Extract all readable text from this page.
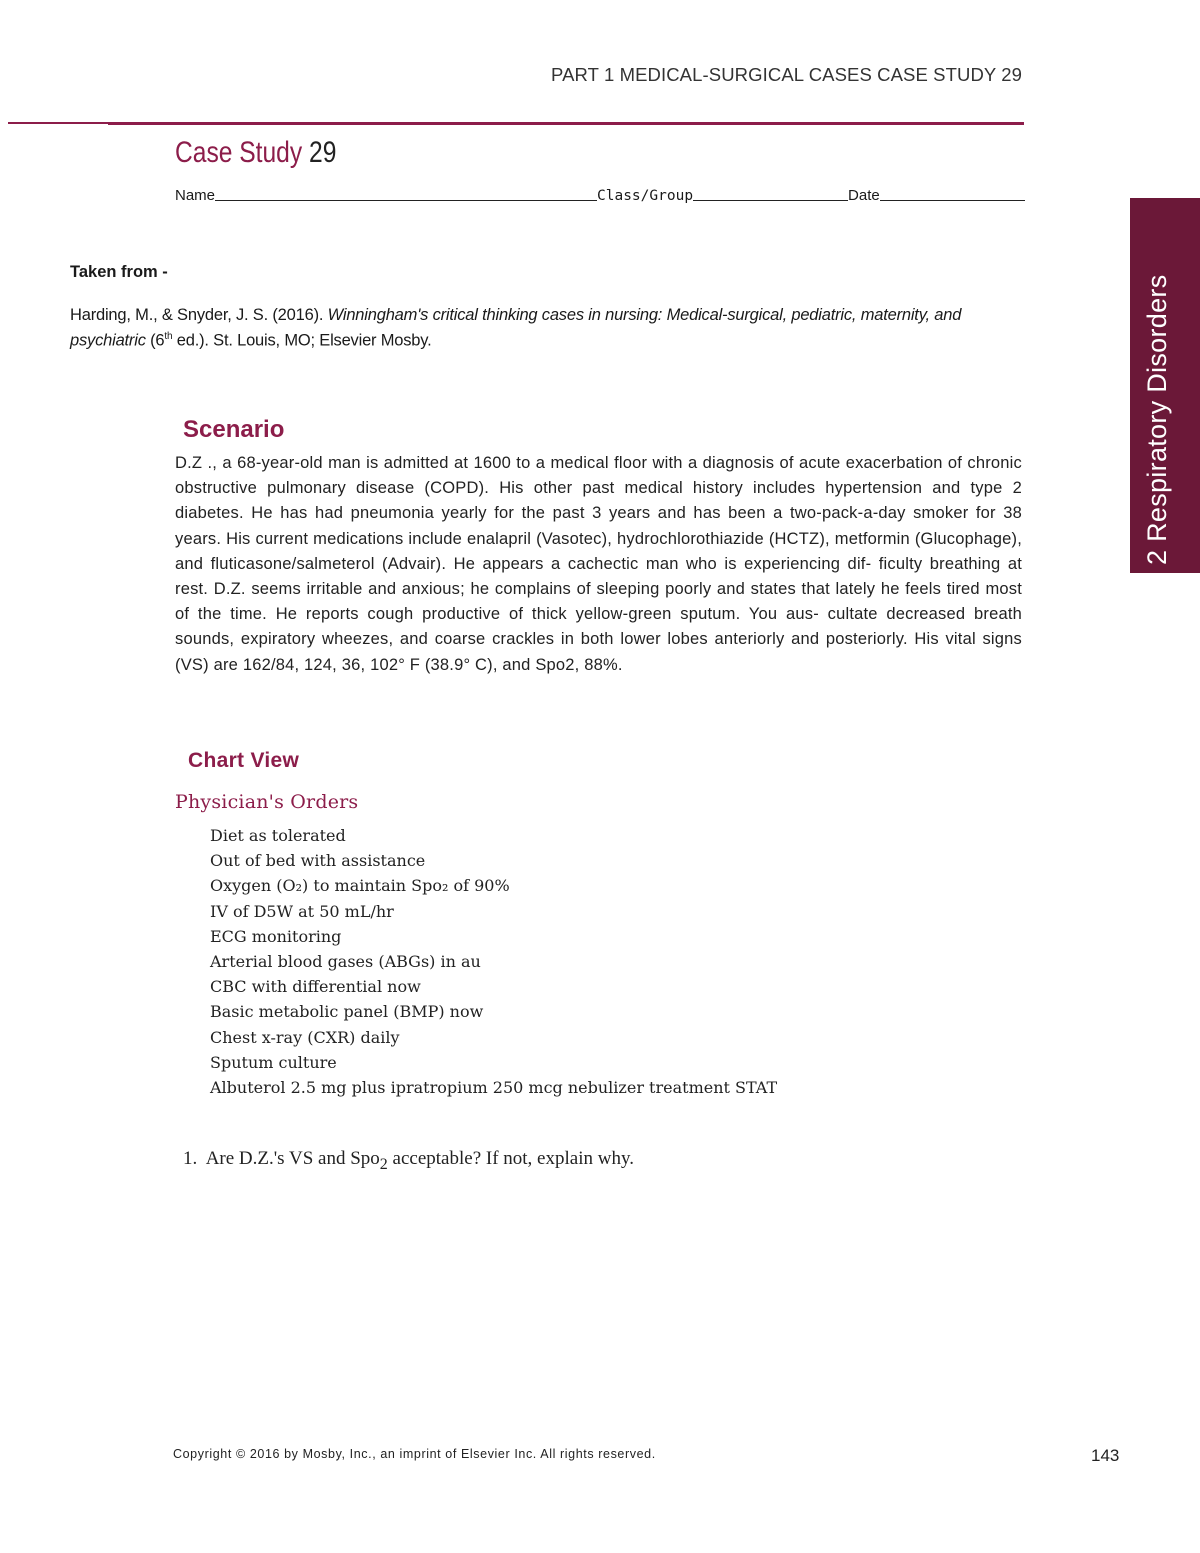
PART 1 MEDICAL-SURGICAL CASES CASE STUDY 29
Case Study 29
Name	Class/Group	Date
2 Respiratory Disorders
Taken from -
Harding, M., & Snyder, J. S. (2016). Winningham's critical thinking cases in nursing: Medical-surgical, pediatric, maternity, and psychiatric (6th ed.). St. Louis, MO; Elsevier Mosby.
Scenario
D.Z ., a 68-year-old man is admitted at 1600 to a medical floor with a diagnosis of acute exacerbation of chronic obstructive pulmonary disease (COPD). His other past medical history includes hypertension and type 2 diabetes. He has had pneumonia yearly for the past 3 years and has been a two-pack-a-day smoker for 38 years. His current medications include enalapril (Vasotec), hydrochlorothiazide (HCTZ), metformin (Glucophage), and fluticasone/salmeterol (Advair). He appears a cachectic man who is experiencing dif- ficulty breathing at rest. D.Z. seems irritable and anxious; he complains of sleeping poorly and states that lately he feels tired most of the time. He reports cough productive of thick yellow-green sputum. You aus- cultate decreased breath sounds, expiratory wheezes, and coarse crackles in both lower lobes anteriorly and posteriorly. His vital signs (VS) are 162/84, 124, 36, 102° F (38.9° C), and Spo2, 88%.
Chart View
Physician's Orders
Diet as tolerated
Out of bed with assistance
Oxygen (O₂) to maintain Spo₂ of 90%
IV of D5W at 50 mL/hr
ECG monitoring
Arterial blood gases (ABGs) in au
CBC with differential now
Basic metabolic panel (BMP) now
Chest x-ray (CXR) daily
Sputum culture
Albuterol 2.5 mg plus ipratropium 250 mcg nebulizer treatment STAT
1. Are D.Z.'s VS and Spo$_2$ acceptable? If not, explain why.
Copyright © 2016 by Mosby, Inc., an imprint of Elsevier Inc. All rights reserved.	143
